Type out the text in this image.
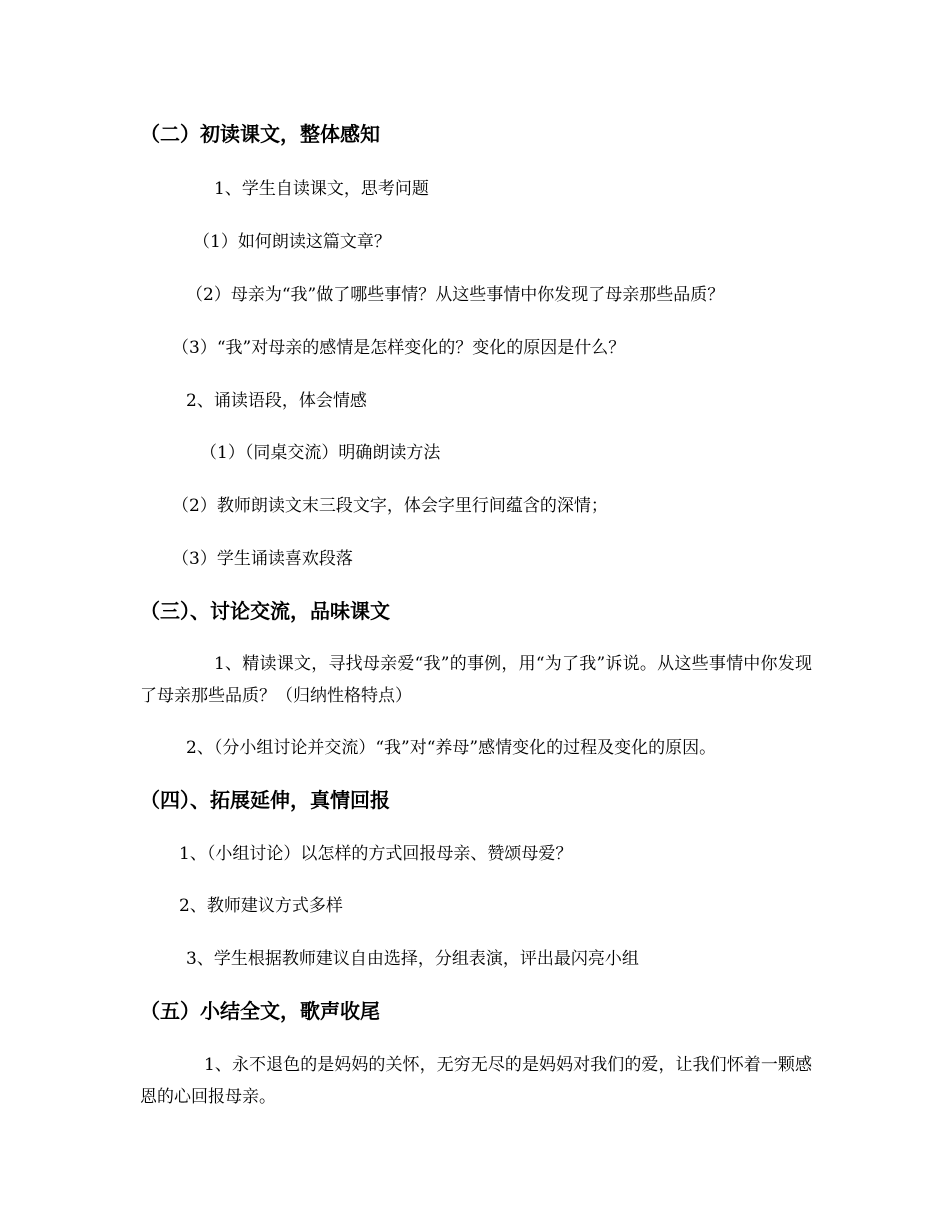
（二）初读课文，整体感知
1、学生自读课文，思考问题
（1）如何朗读这篇文章？
（2）母亲为“我”做了哪些事情？从这些事情中你发现了母亲那些品质？
（3）“我”对母亲的感情是怎样变化的？变化的原因是什么？
2、诵读语段，体会情感
（1）（同桌交流）明确朗读方法
（2）教师朗读文末三段文字，体会字里行间蕴含的深情；
（3）学生诵读喜欢段落
（三）、讨论交流，品味课文
1、精读课文，寻找母亲爱“我”的事例，用“为了我”诉说。从这些事情中你发现了母亲那些品质？（归纳性格特点）
2、（分小组讨论并交流）“我”对“养母”感情变化的过程及变化的原因。
（四）、拓展延伸，真情回报
1、（小组讨论）以怎样的方式回报母亲、赞颂母爱？
2、教师建议方式多样
3、学生根据教师建议自由选择，分组表演，评出最闪亮小组
（五）小结全文，歌声收尾
1、永不退色的是妈妈的关怀，无穷无尽的是妈妈对我们的爱，让我们怀着一颗感恩的心回报母亲。
